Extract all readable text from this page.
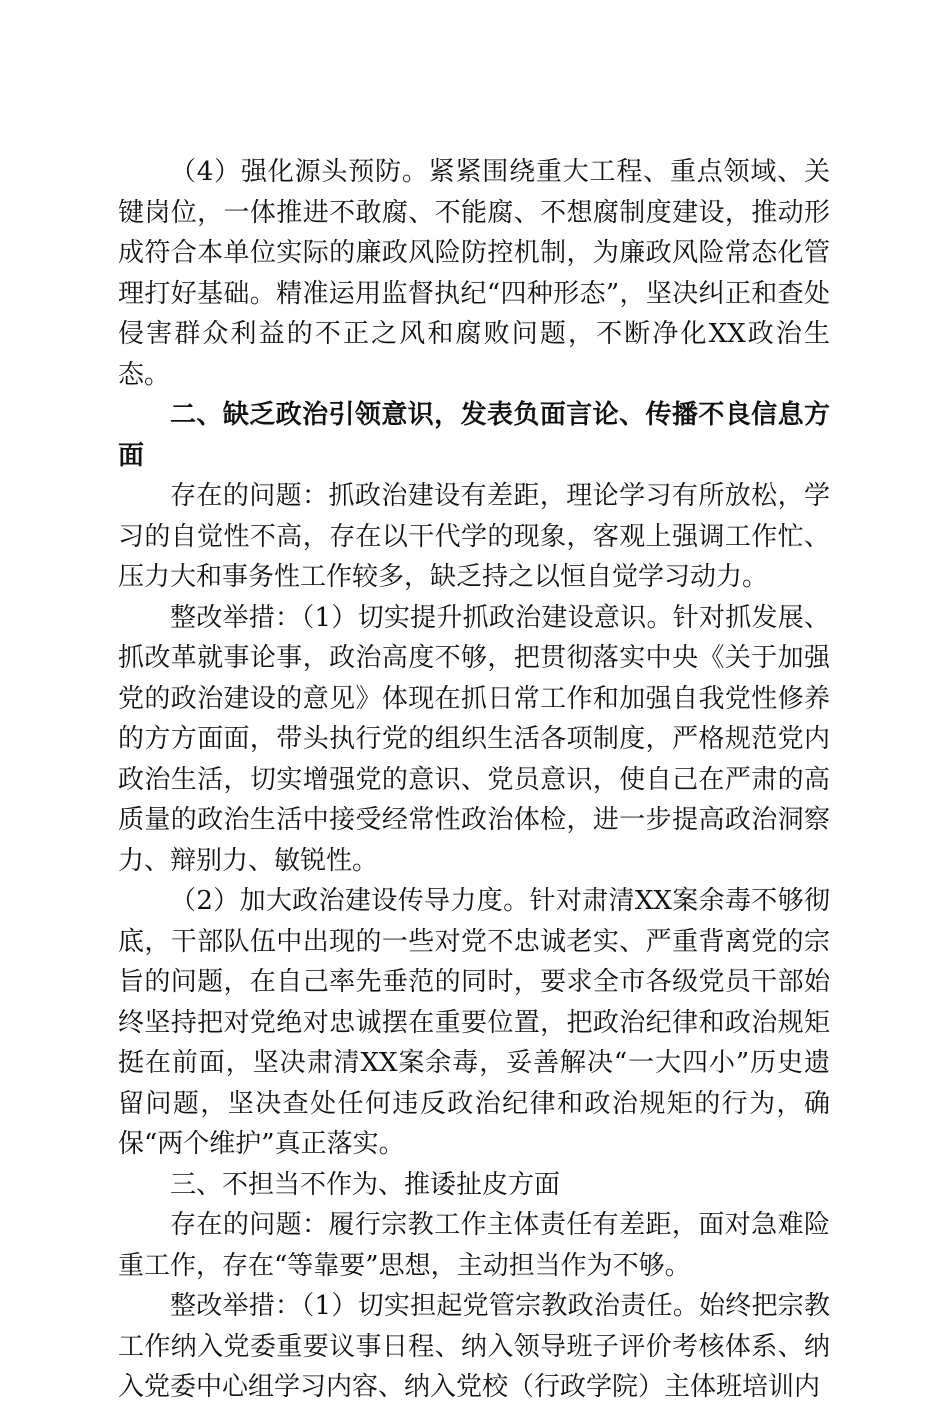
（4）强化源头预防。紧紧围绕重大工程、重点领域、关键岗位，一体推进不敢腐、不能腐、不想腐制度建设，推动形成符合本单位实际的廉政风险防控机制，为廉政风险常态化管理打好基础。精准运用监督执纪“四种形态”，坚决纠正和查处侵害群众利益的不正之风和腐败问题，不断净化XX政治生态。

二、缺乏政治引领意识，发表负面言论、传播不良信息方面

存在的问题：抓政治建设有差距，理论学习有所放松，学习的自觉性不高，存在以干代学的现象，客观上强调工作忙、压力大和事务性工作较多，缺乏持之以恒自觉学习动力。

整改举措：（1）切实提升抓政治建设意识。针对抓发展、抓改革就事论事，政治高度不够，把贯彻落实中央《关于加强党的政治建设的意见》体现在抓日常工作和加强自我党性修养的方方面面，带头执行党的组织生活各项制度，严格规范党内政治生活，切实增强党的意识、党员意识，使自己在严肃的高质量的政治生活中接受经常性政治体检，进一步提高政治洞察力、辩别力、敏锐性。

（2）加大政治建设传导力度。针对肃清XX案余毒不够彻底，干部队伍中出现的一些对党不忠诚老实、严重背离党的宗旨的问题，在自己率先垂范的同时，要求全市各级党员干部始终坚持把对党绝对忠诚摆在重要位置，把政治纪律和政治规矩挺在前面，坚决肃清XX案余毒，妥善解决“一大四小”历史遗留问题，坚决查处任何违反政治纪律和政治规矩的行为，确保“两个维护”真正落实。

三、不担当不作为、推诿扯皮方面

存在的问题：履行宗教工作主体责任有差距，面对急难险重工作，存在“等靠要”思想，主动担当作为不够。

整改举措：（1）切实担起党管宗教政治责任。始终把宗教工作纳入党委重要议事日程、纳入领导班子评价考核体系、纳入党委中心组学习内容、纳入党校（行政学院）主体班培训内
